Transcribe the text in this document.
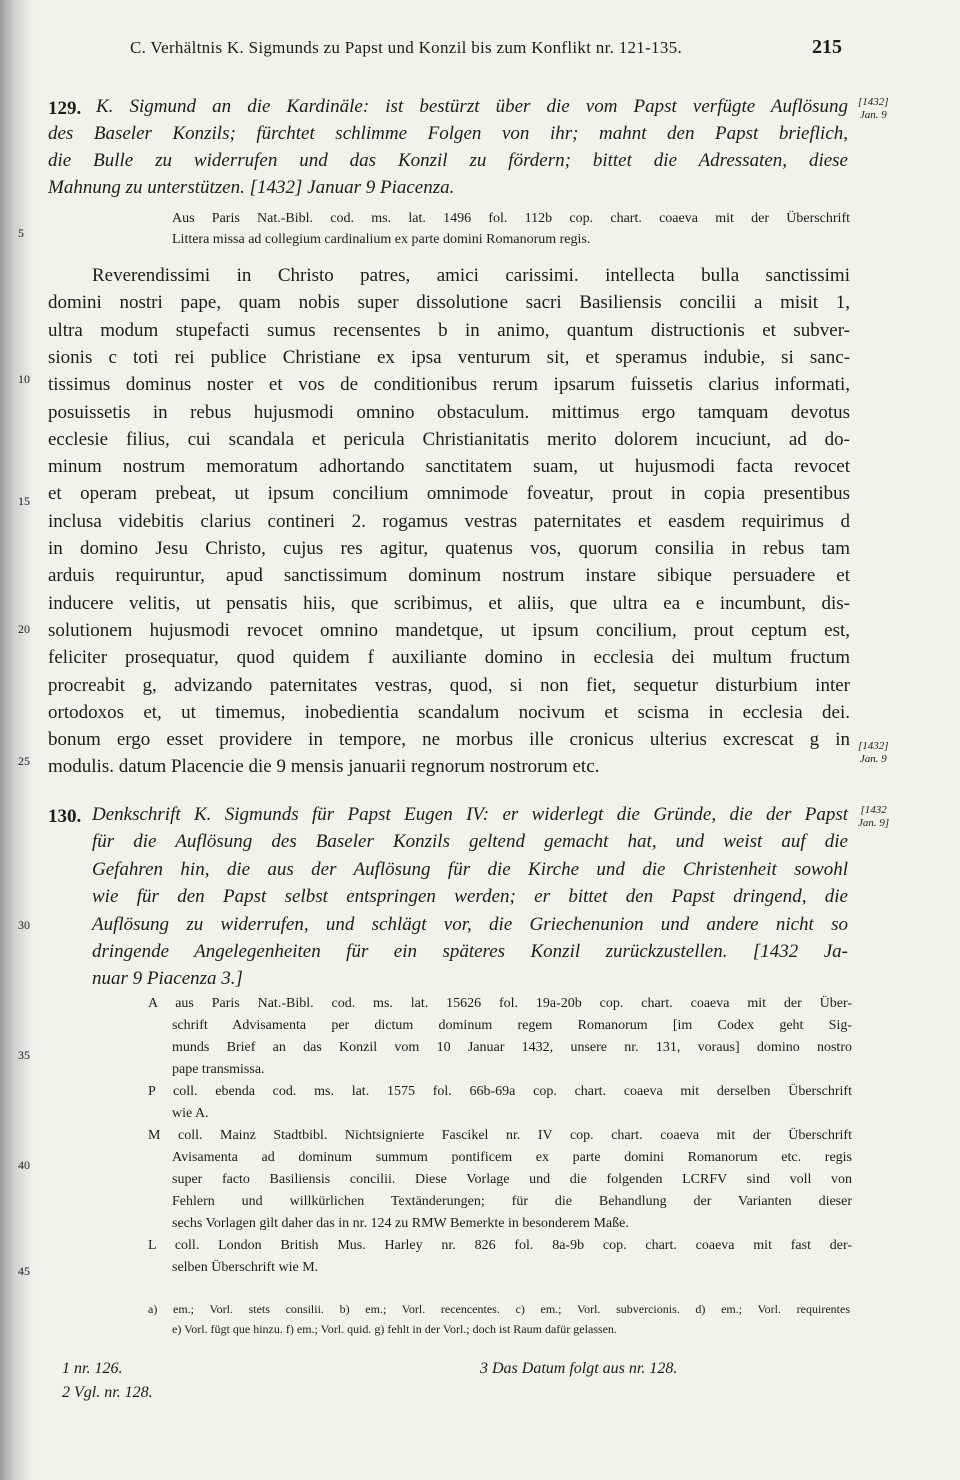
C. Verhältnis K. Sigmunds zu Papst und Konzil bis zum Konflikt nr. 121-135.	215
129. K. Sigmund an die Kardinäle: ist bestürzt über die vom Papst verfügte Auflösung
des Baseler Konzils; fürchtet schlimme Folgen von ihr; mahnt den Papst brieflich,
die Bulle zu widerrufen und das Konzil zu fördern; bittet die Adressaten, diese
Mahnung zu unterstützen. [1432] Januar 9 Piacenza.
[1432]
Jan. 9
Aus Paris Nat.-Bibl. cod. ms. lat. 1496 fol. 112b cop. chart. coaeva mit der Überschrift
Littera missa ad collegium cardinalium ex parte domini Romanorum regis.
Reverendissimi in Christo patres, amici carissimi. intellecta bulla sanctissimi
domini nostri pape, quam nobis super dissolutione sacri Basiliensis concilii a misit 1,
ultra modum stupefacti sumus recensentes b in animo, quantum distructionis et subver-
sionis c toti rei publice Christiane ex ipsa venturum sit, et speramus indubie, si sanc-
tissimus dominus noster et vos de conditionibus rerum ipsarum fuissetis clarius informati,
posuissetis in rebus hujusmodi omnino obstaculum. mittimus ergo tamquam devotus
ecclesie filius, cui scandala et pericula Christianitatis merito dolorem incuciunt, ad do-
minum nostrum memoratum adhortando sanctitatem suam, ut hujusmodi facta revocet
et operam prebeat, ut ipsum concilium omnimode foveatur, prout in copia presentibus
inclusa videbitis clarius contineri 2. rogamus vestras paternitates et easdem requirimus d
in domino Jesu Christo, cujus res agitur, quatenus vos, quorum consilia in rebus tam
arduis requiruntur, apud sanctissimum dominum nostrum instare sibique persuadere et
inducere velitis, ut pensatis hiis, que scribimus, et aliis, que ultra ea e incumbunt, dis-
solutionem hujusmodi revocet omnino mandetque, ut ipsum concilium, prout ceptum est,
feliciter prosequatur, quod quidem f auxiliante domino in ecclesia dei multum fructum
procreabit g, advizando paternitates vestras, quod, si non fiet, sequetur disturbium inter
ortodoxos et, ut timemus, inobedientia scandalum nocivum et scisma in ecclesia dei.
bonum ergo esset providere in tempore, ne morbus ille cronicus ulterius excrescat g in
modulis. datum Placencie die 9 mensis januarii regnorum nostrorum etc.
[1432]
Jan. 9
130. Denkschrift K. Sigmunds für Papst Eugen IV: er widerlegt die Gründe, die der Papst
für die Auflösung des Baseler Konzils geltend gemacht hat, und weist auf die
Gefahren hin, die aus der Auflösung für die Kirche und die Christenheit sowohl
wie für den Papst selbst entspringen werden; er bittet den Papst dringend, die
Auflösung zu widerrufen, und schlägt vor, die Griechenunion und andere nicht so
dringende Angelegenheiten für ein späteres Konzil zurückzustellen. [1432 Ja-
nuar 9 Piacenza 3.]
[1432
Jan. 9]
A aus Paris Nat.-Bibl. cod. ms. lat. 15626 fol. 19a-20b cop. chart. coaeva mit der Über-
schrift Advisamenta per dictum dominum regem Romanorum [im Codex geht Sig-
munds Brief an das Konzil vom 10 Januar 1432, unsere nr. 131, voraus] domino nostro
pape transmissa.
P coll. ebenda cod. ms. lat. 1575 fol. 66b-69a cop. chart. coaeva mit derselben Überschrift
wie A.
M coll. Mainz Stadtbibl. Nichtsignierte Fascikel nr. IV cop. chart. coaeva mit der Überschrift
Avisamenta ad dominum summum pontificem ex parte domini Romanorum etc. regis
super facto Basiliensis concilii. Diese Vorlage und die folgenden LCRFV sind voll von
Fehlern und willkürlichen Textänderungen; für die Behandlung der Varianten dieser
sechs Vorlagen gilt daher das in nr. 124 zu RMW Bemerkte in besonderem Maße.
L coll. London British Mus. Harley nr. 826 fol. 8a-9b cop. chart. coaeva mit fast der-
selben Überschrift wie M.
a) em.; Vorl. stets consilii. b) em.; Vorl. recencentes. c) em.; Vorl. subvercionis. d) em.; Vorl. requirentes
e) Vorl. fügt que hinzu. f) em.; Vorl. quid. g) fehlt in der Vorl.; doch ist Raum dafür gelassen.
1 nr. 126.
2 Vgl. nr. 128.
3 Das Datum folgt aus nr. 128.
5
10
15
20
25
30
35
40
45
